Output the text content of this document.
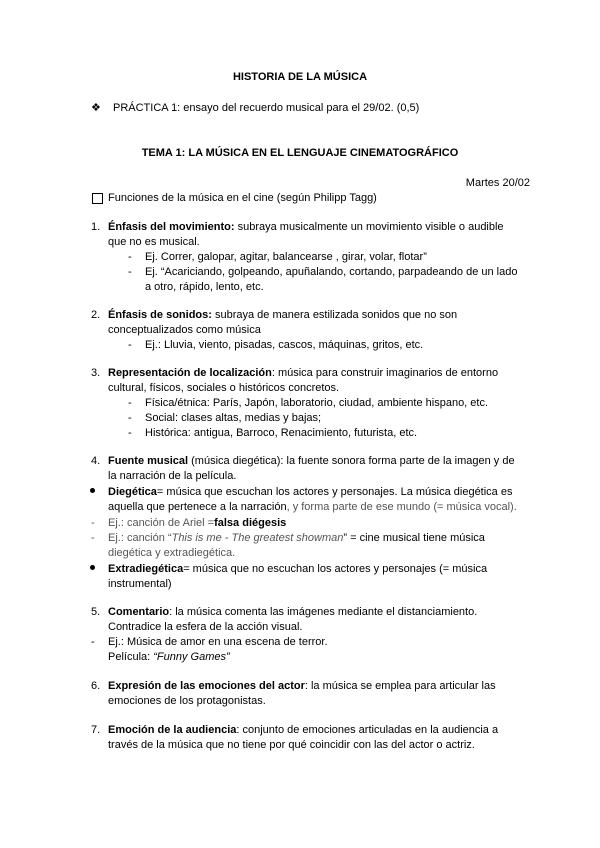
HISTORIA DE LA MÚSICA
❖ PRÁCTICA 1: ensayo del recuerdo musical para el 29/02. (0,5)
TEMA 1: LA MÚSICA EN EL LENGUAJE CINEMATOGRÁFICO
Martes 20/02
Funciones de la música en el cine (según Philipp Tagg)
1. Énfasis del movimiento: subraya musicalmente un movimiento visible o audible
que no es musical.
- Ej. Correr, galopar, agitar, balancearse , girar, volar, flotar”
- Ej. “Acariciando, golpeando, apuñalando, cortando, parpadeando de un lado
a otro, rápido, lento, etc.
2. Énfasis de sonidos: subraya de manera estilizada sonidos que no son
conceptualizados como música
- Ej.: Lluvia, viento, pisadas, cascos, máquinas, gritos, etc.
3. Representación de localización: música para construir imaginarios de entorno
cultural, físicos, sociales o históricos concretos.
- Física/étnica: París, Japón, laboratorio, ciudad, ambiente hispano, etc.
- Social: clases altas, medias y bajas;
- Histórica: antigua, Barroco, Renacimiento, futurista, etc.
4. Fuente musical (música diegética): la fuente sonora forma parte de la imagen y de
la narración de la película.
Diegética= música que escuchan los actores y personajes. La música diegética es
aquella que pertenece a la narración, y forma parte de ese mundo (= música vocal).
- Ej.: canción de Ariel =falsa diégesis
- Ej.: canción “This is me - The greatest showman” = cine musical tiene música
diegética y extradiegética.
Extradiegética= música que no escuchan los actores y personajes (= música
instrumental)
5. Comentario: la música comenta las imágenes mediante el distanciamiento.
Contradice la esfera de la acción visual.
- Ej.: Música de amor en una escena de terror.
Película: “Funny Games”
6. Expresión de las emociones del actor: la música se emplea para articular las
emociones de los protagonistas.
7. Emoción de la audiencia: conjunto de emociones articuladas en la audiencia a
través de la música que no tiene por qué coincidir con las del actor o actriz.
